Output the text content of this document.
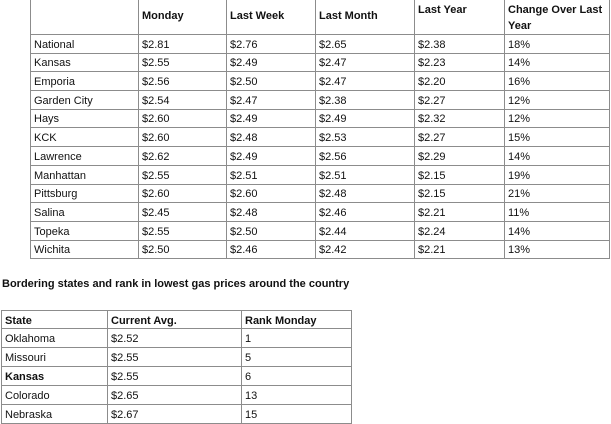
	Monday	Last Week	Last Month	Last Year	Change Over Last Year
National	$2.81	$2.76	$2.65	$2.38	18%
Kansas	$2.55	$2.49	$2.47	$2.23	14%
Emporia	$2.56	$2.50	$2.47	$2.20	16%
Garden City	$2.54	$2.47	$2.38	$2.27	12%
Hays	$2.60	$2.49	$2.49	$2.32	12%
KCK	$2.60	$2.48	$2.53	$2.27	15%
Lawrence	$2.62	$2.49	$2.56	$2.29	14%
Manhattan	$2.55	$2.51	$2.51	$2.15	19%
Pittsburg	$2.60	$2.60	$2.48	$2.15	21%
Salina	$2.45	$2.48	$2.46	$2.21	11%
Topeka	$2.55	$2.50	$2.44	$2.24	14%
Wichita	$2.50	$2.46	$2.42	$2.21	13%
Bordering states and rank in lowest gas prices around the country
State	Current Avg.	Rank Monday
Oklahoma	$2.52	1
Missouri	$2.55	5
Kansas	$2.55	6
Colorado	$2.65	13
Nebraska	$2.67	15
